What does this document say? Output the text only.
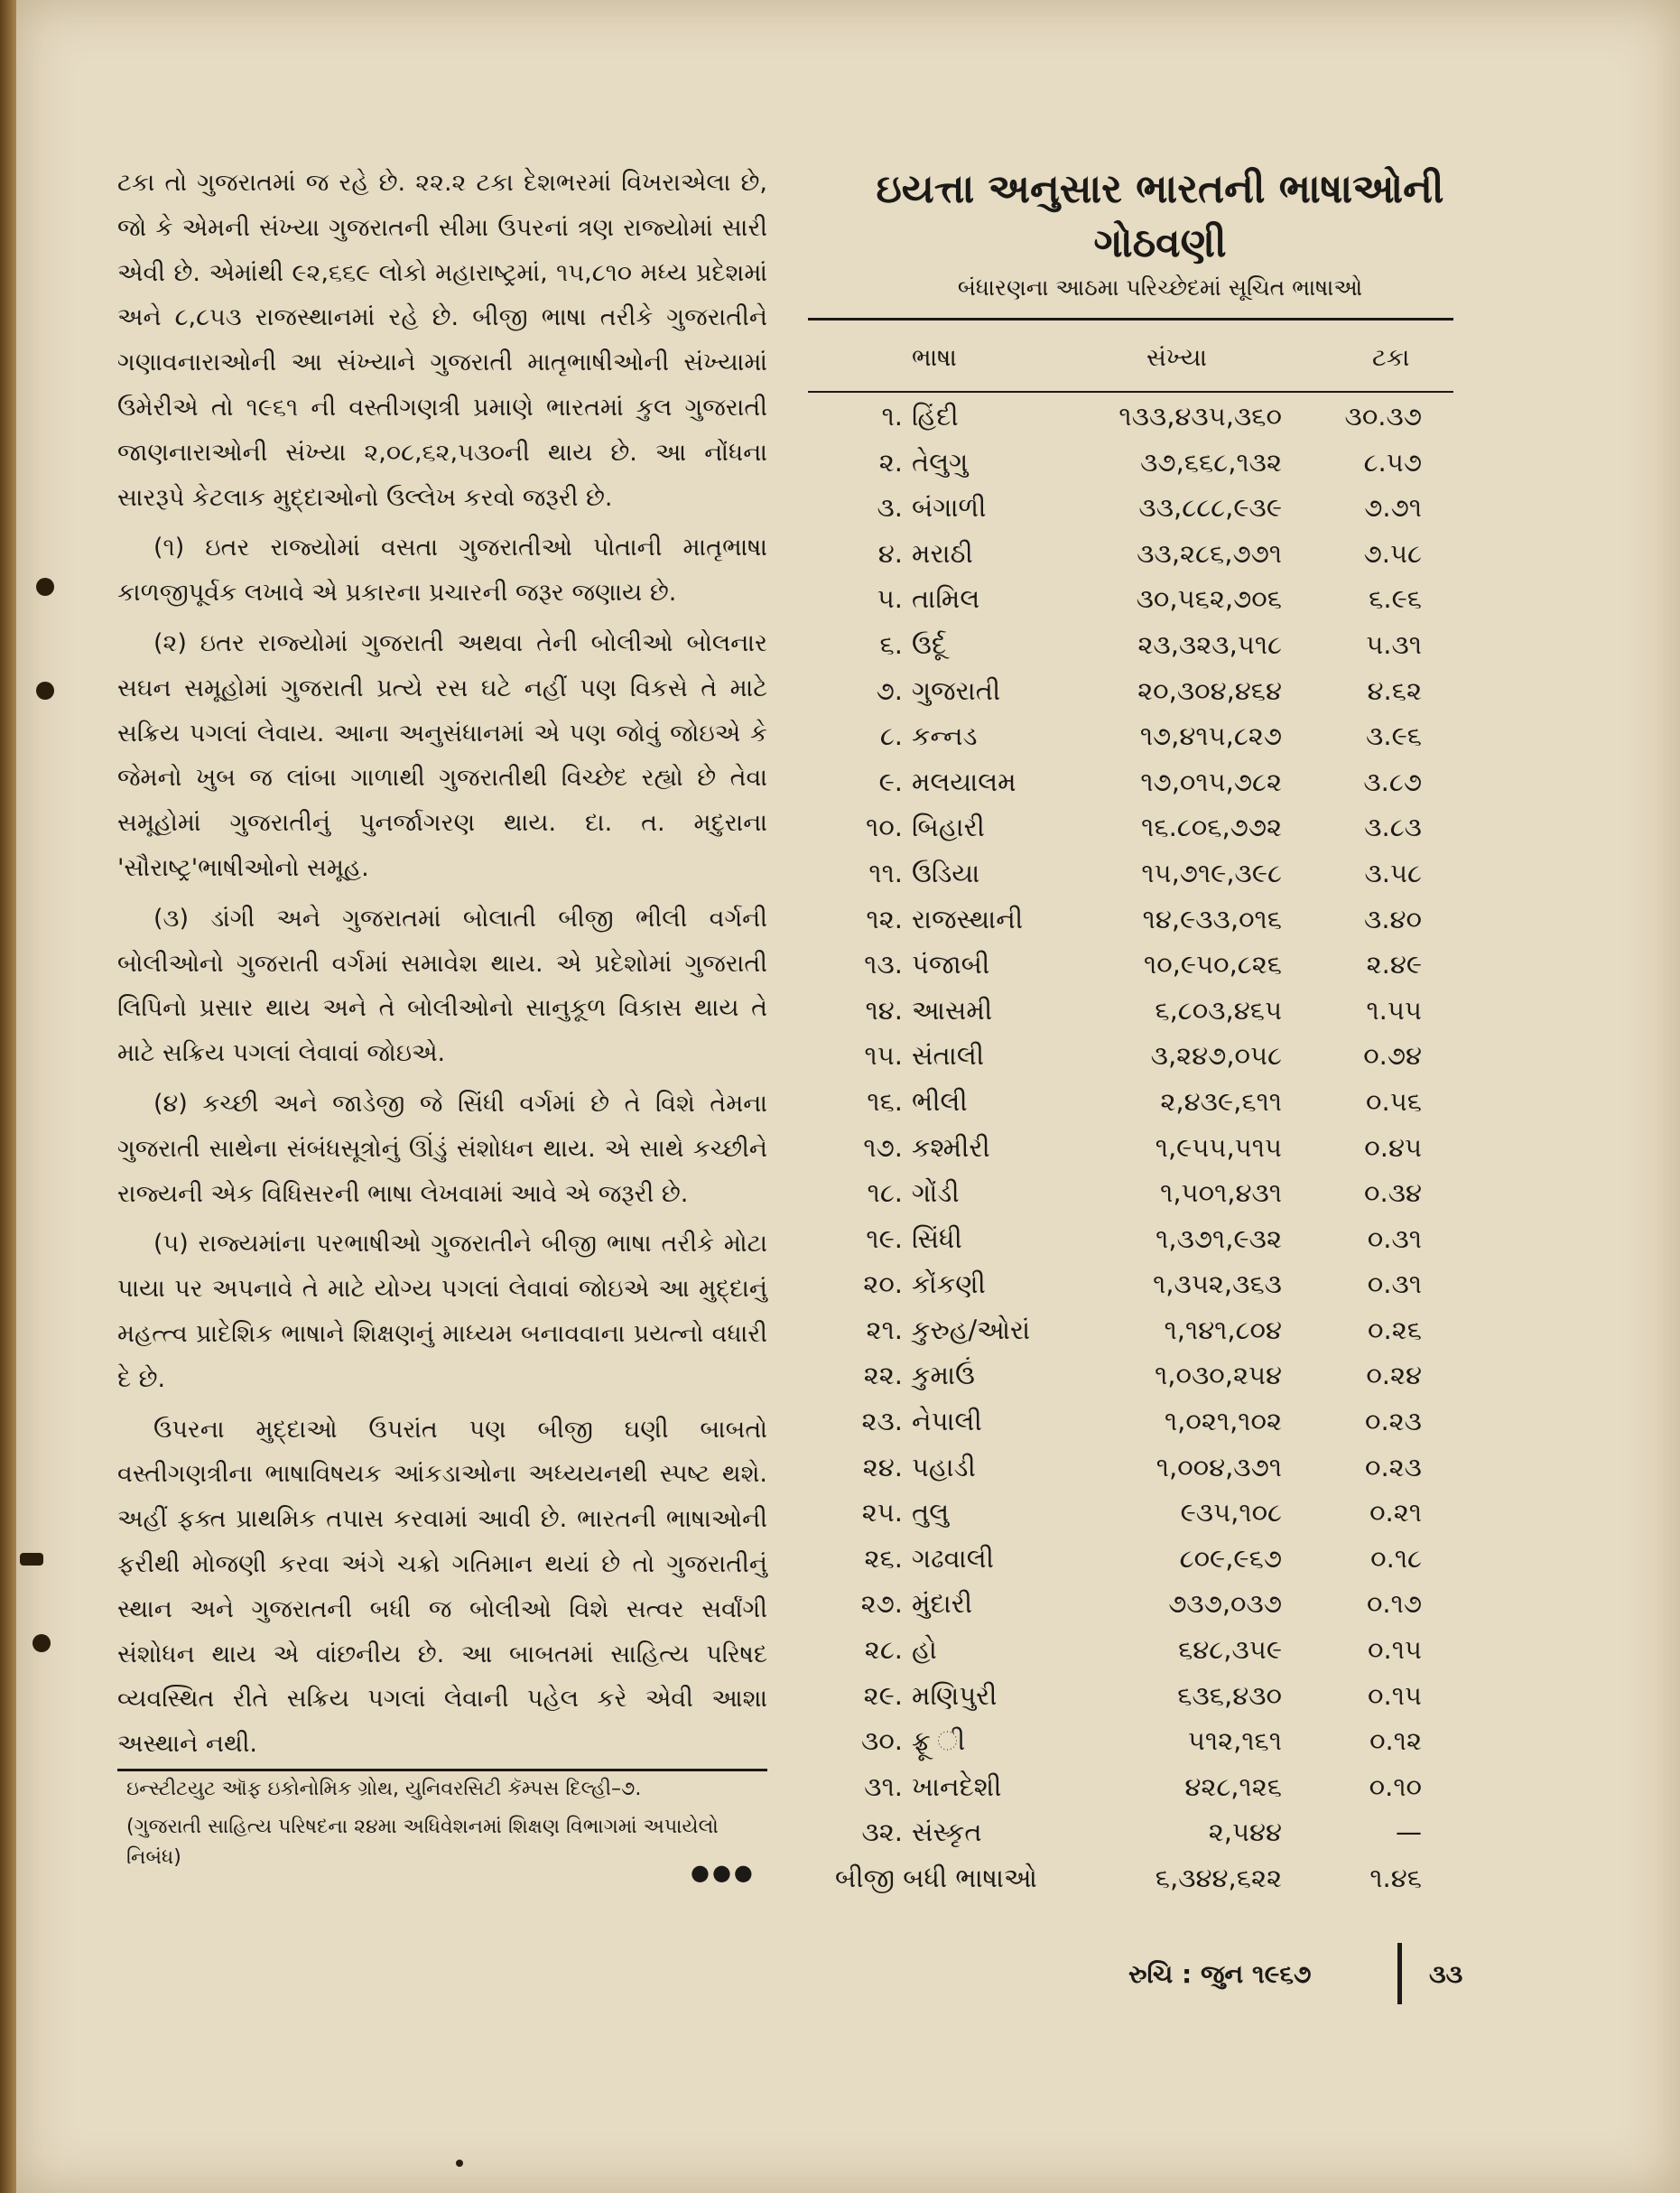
ટકા તો ગુજરાતમાં જ રહે છે. ૨૨.૨ ટકા દેશભરમાં વિખરાએલા છે, જો કે એમની સંખ્યા ગુજરાતની સીમા ઉપરનાં ત્રણ રાજ્યોમાં સારી એવી છે. એમાંથી ૯૨,૬૬૯ લોકો મહારાષ્ટ્રમાં, ૧૫,૮૧૦ મધ્ય પ્રદેશમાં અને ૮,૮૫૩ રાજસ્થાનમાં રહે છે. બીજી ભાષા તરીકે ગુજરાતીને ગણાવનારાઓની આ સંખ્યાને ગુજરાતી માતૃભાષીઓની સંખ્યામાં ઉમેરીએ તો ૧૯૬૧ ની વસ્તીગણત્રી પ્રમાણે ભારતમાં કુલ ગુજરાતી જાણનારાઓની સંખ્યા ૨,૦૮,૬૨,૫૩૦ની થાય છે. આ નોંધના સારરૂપે કેટલાક મુદ્દાઓનો ઉલ્લેખ કરવો જરૂરી છે.

(૧) ઇતર રાજ્યોમાં વસતા ગુજરાતીઓ પોતાની માતૃભાષા કાળજીપૂર્વક લખાવે એ પ્રકારના પ્રચારની જરૂર જણાય છે.

(૨) ઇતર રાજ્યોમાં ગુજરાતી અથવા તેની બોલીઓ બોલનાર સઘન સમૂહોમાં ગુજરાતી પ્રત્યે રસ ઘટે નહીં પણ વિકસે તે માટે સક્રિય પગલાં લેવાય. આના અનુસંધાનમાં એ પણ જોવું જોઇએ કે જેમનો ખુબ જ લાંબા ગાળાથી ગુજરાતીથી વિચ્છેદ રહ્યો છે તેવા સમૂહોમાં ગુજરાતીનું પુનર્જાગરણ થાય. દા. ત. મદુરાના 'સૌરાષ્ટ્ર'ભાષીઓનો સમૂહ.

(૩) ડાંગી અને ગુજરાતમાં બોલાતી બીજી ભીલી વર્ગની બોલીઓનો ગુજરાતી વર્ગમાં સમાવેશ થાય. એ પ્રદેશોમાં ગુજરાતી લિપિનો પ્રસાર થાય અને તે બોલીઓનો સાનુકૂળ વિકાસ થાય તે માટે સક્રિય પગલાં લેવાવાં જોઇએ.

(૪) કચ્છી અને જાડેજી જે સિંધી વર્ગમાં છે તે વિશે તેમના ગુજરાતી સાથેના સંબંધસૂત્રોનું ઊંડું સંશોધન થાય. એ સાથે કચ્છીને રાજ્યની એક વિધિસરની ભાષા લેખવામાં આવે એ જરૂરી છે.

(૫) રાજ્યમાંના પરભાષીઓ ગુજરાતીને બીજી ભાષા તરીકે મોટા પાયા પર અપનાવે તે માટે યોગ્ય પગલાં લેવાવાં જોઇએ આ મુદ્દાનું મહત્ત્વ પ્રાદેશિક ભાષાને શિક્ષણનું માધ્યમ બનાવવાના પ્રયત્નો વધારી દે છે.

ઉપરના મુદ્દાઓ ઉપરાંત પણ બીજી ઘણી બાબતો વસ્તીગણત્રીના ભાષાવિષયક આંકડાઓના અધ્યયનથી સ્પષ્ટ થશે. અહીં ફક્ત પ્રાથમિક તપાસ કરવામાં આવી છે. ભારતની ભાષાઓની ફરીથી મોજણી કરવા અંગે ચક્રો ગતિમાન થયાં છે તો ગુજરાતીનું સ્થાન અને ગુજરાતની બધી જ બોલીઓ વિશે સત્વર સર્વાંગી સંશોધન થાય એ વાંછનીય છે. આ બાબતમાં સાહિત્ય પરિષદ વ્યવસ્થિત રીતે સક્રિય પગલાં લેવાની પહેલ કરે એવી આશા અસ્થાને નથી.

ઇન્સ્ટીટયુટ ઑફ ઇકોનોમિક ગ્રોથ, યુનિવરસિટી કૅમ્પસ દિલ્હી–૭.
(ગુજરાતી સાહિત્ય પરિષદના ૨૪મા અધિવેશનમાં શિક્ષણ વિભાગમાં અપાયેલો નિબંધ)
●●●
ઇયત્તા અનુસાર ભારતની ભાષાઓની ગોઠવણી
બંધારણના આઠમા પરિચ્છેદમાં સૂચિત ભાષાઓ
ભાષા	સંખ્યા	ટકા
૧. હિંદી	૧૩૩,૪૩૫,૩૬૦	૩૦.૩૭
૨. તેલુગુ	૩૭,૬૬૮,૧૩૨	૮.૫૭
૩. બંગાળી	૩૩,૮૮૮,૯૩૯	૭.૭૧
૪. મરાઠી	૩૩,૨૮૬,૭૭૧	૭.૫૮
૫. તામિલ	૩૦,૫૬૨,૭૦૬	૬.૯૬
૬. ઉર્દૂ	૨૩,૩૨૩,૫૧૮	૫.૩૧
૭. ગુજરાતી	૨૦,૩૦૪,૪૬૪	૪.૬૨
૮. કન્નડ	૧૭,૪૧૫,૮૨૭	૩.૯૬
૯. મલયાલમ	૧૭,૦૧૫,૭૮૨	૩.૮૭
૧૦. બિહારી	૧૬.૮૦૬,૭૭૨	૩.૮૩
૧૧. ઉડિયા	૧૫,૭૧૯,૩૯૮	૩.૫૮
૧૨. રાજસ્થાની	૧૪,૯૩૩,૦૧૬	૩.૪૦
૧૩. પંજાબી	૧૦,૯૫૦,૮૨૬	૨.૪૯
૧૪. આસમી	૬,૮૦૩,૪૬૫	૧.૫૫
૧૫. સંતાલી	૩,૨૪૭,૦૫૮	૦.૭૪
૧૬. ભીલી	૨,૪૩૯,૬૧૧	૦.૫૬
૧૭. કશ્મીરી	૧,૯૫૫,૫૧૫	૦.૪૫
૧૮. ગોંડી	૧,૫૦૧,૪૩૧	૦.૩૪
૧૯. સિંધી	૧,૩૭૧,૯૩૨	૦.૩૧
૨૦. કોંકણી	૧,૩૫૨,૩૬૩	૦.૩૧
૨૧. કુરુહ/ઓરાં	૧,૧૪૧,૮૦૪	૦.૨૬
૨૨. કુમાઉં	૧,૦૩૦,૨૫૪	૦.૨૪
૨૩. નેપાલી	૧,૦૨૧,૧૦૨	૦.૨૩
૨૪. પહાડી	૧,૦૦૪,૩૭૧	૦.૨૩
૨૫. તુલુ	૯૩૫,૧૦૮	૦.૨૧
૨૬. ગઢવાલી	૮૦૯,૯૬૭	૦.૧૮
૨૭. મુંદારી	૭૩૭,૦૩૭	૦.૧૭
૨૮. હો	૬૪૮,૩૫૯	૦.૧૫
૨૯. મણિપુરી	૬૩૬,૪૩૦	૦.૧૫
૩૦. ફ્રૂ ી	૫૧૨,૧૬૧	૦.૧૨
૩૧. ખાનદેશી	૪૨૮,૧૨૬	૦.૧૦
૩૨. સંસ્કૃત	૨,૫૪૪	—
બીજી બધી ભાષાઓ	૬,૩૪૪,૬૨૨	૧.૪૬
રુચિ : જુન ૧૯૬૭	૩૩
